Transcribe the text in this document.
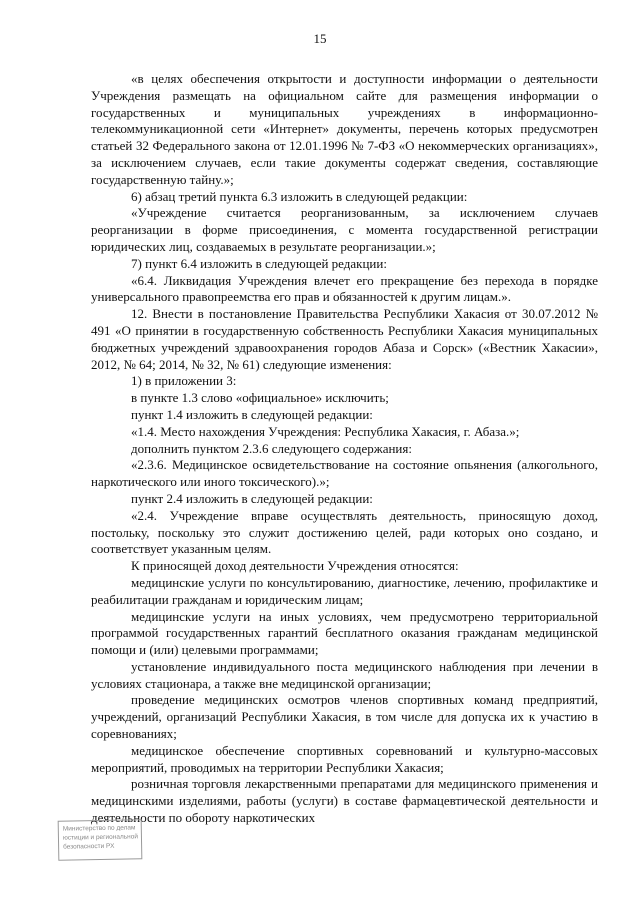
15

«в целях обеспечения открытости и доступности информации о деятельности Учреждения размещать на официальном сайте для размещения информации о государственных и муниципальных учреждениях в информационно-телекоммуникационной сети «Интернет» документы, перечень которых предусмотрен статьей 32 Федерального закона от 12.01.1996 № 7-ФЗ «О некоммерческих организациях», за исключением случаев, если такие документы содержат сведения, составляющие государственную тайну.»;

6) абзац третий пункта 6.3 изложить в следующей редакции:

«Учреждение считается реорганизованным, за исключением случаев реорганизации в форме присоединения, с момента государственной регистрации юридических лиц, создаваемых в результате реорганизации.»;

7) пункт 6.4 изложить в следующей редакции:

«6.4. Ликвидация Учреждения влечет его прекращение без перехода в порядке универсального правопреемства его прав и обязанностей к другим лицам.».

12. Внести в постановление Правительства Республики Хакасия от 30.07.2012 № 491 «О принятии в государственную собственность Республики Хакасия муниципальных бюджетных учреждений здравоохранения городов Абаза и Сорск» («Вестник Хакасии», 2012, № 64; 2014, № 32, № 61) следующие изменения:

1) в приложении 3:

в пункте 1.3 слово «официальное» исключить;

пункт 1.4 изложить в следующей редакции:

«1.4. Место нахождения Учреждения: Республика Хакасия, г. Абаза.»;

дополнить пунктом 2.3.6 следующего содержания:

«2.3.6. Медицинское освидетельствование на состояние опьянения (алкогольного, наркотического или иного токсического).»;

пункт 2.4 изложить в следующей редакции:

«2.4. Учреждение вправе осуществлять деятельность, приносящую доход, постольку, поскольку это служит достижению целей, ради которых оно создано, и соответствует указанным целям.

К приносящей доход деятельности Учреждения относятся:

медицинские услуги по консультированию, диагностике, лечению, профилактике и реабилитации гражданам и юридическим лицам;

медицинские услуги на иных условиях, чем предусмотрено территориальной программой государственных гарантий бесплатного оказания гражданам медицинской помощи и (или) целевыми программами;

установление индивидуального поста медицинского наблюдения при лечении в условиях стационара, а также вне медицинской организации;

проведение медицинских осмотров членов спортивных команд предприятий, учреждений, организаций Республики Хакасия, в том числе для допуска их к участию в соревнованиях;

медицинское обеспечение спортивных соревнований и культурно-массовых мероприятий, проводимых на территории Республики Хакасия;

розничная торговля лекарственными препаратами для медицинского применения и медицинскими изделиями, работы (услуги) в составе фармацевтической деятельности и деятельности по обороту наркотических

Министерство по делам
юстиции и региональной
безопасности РХ
